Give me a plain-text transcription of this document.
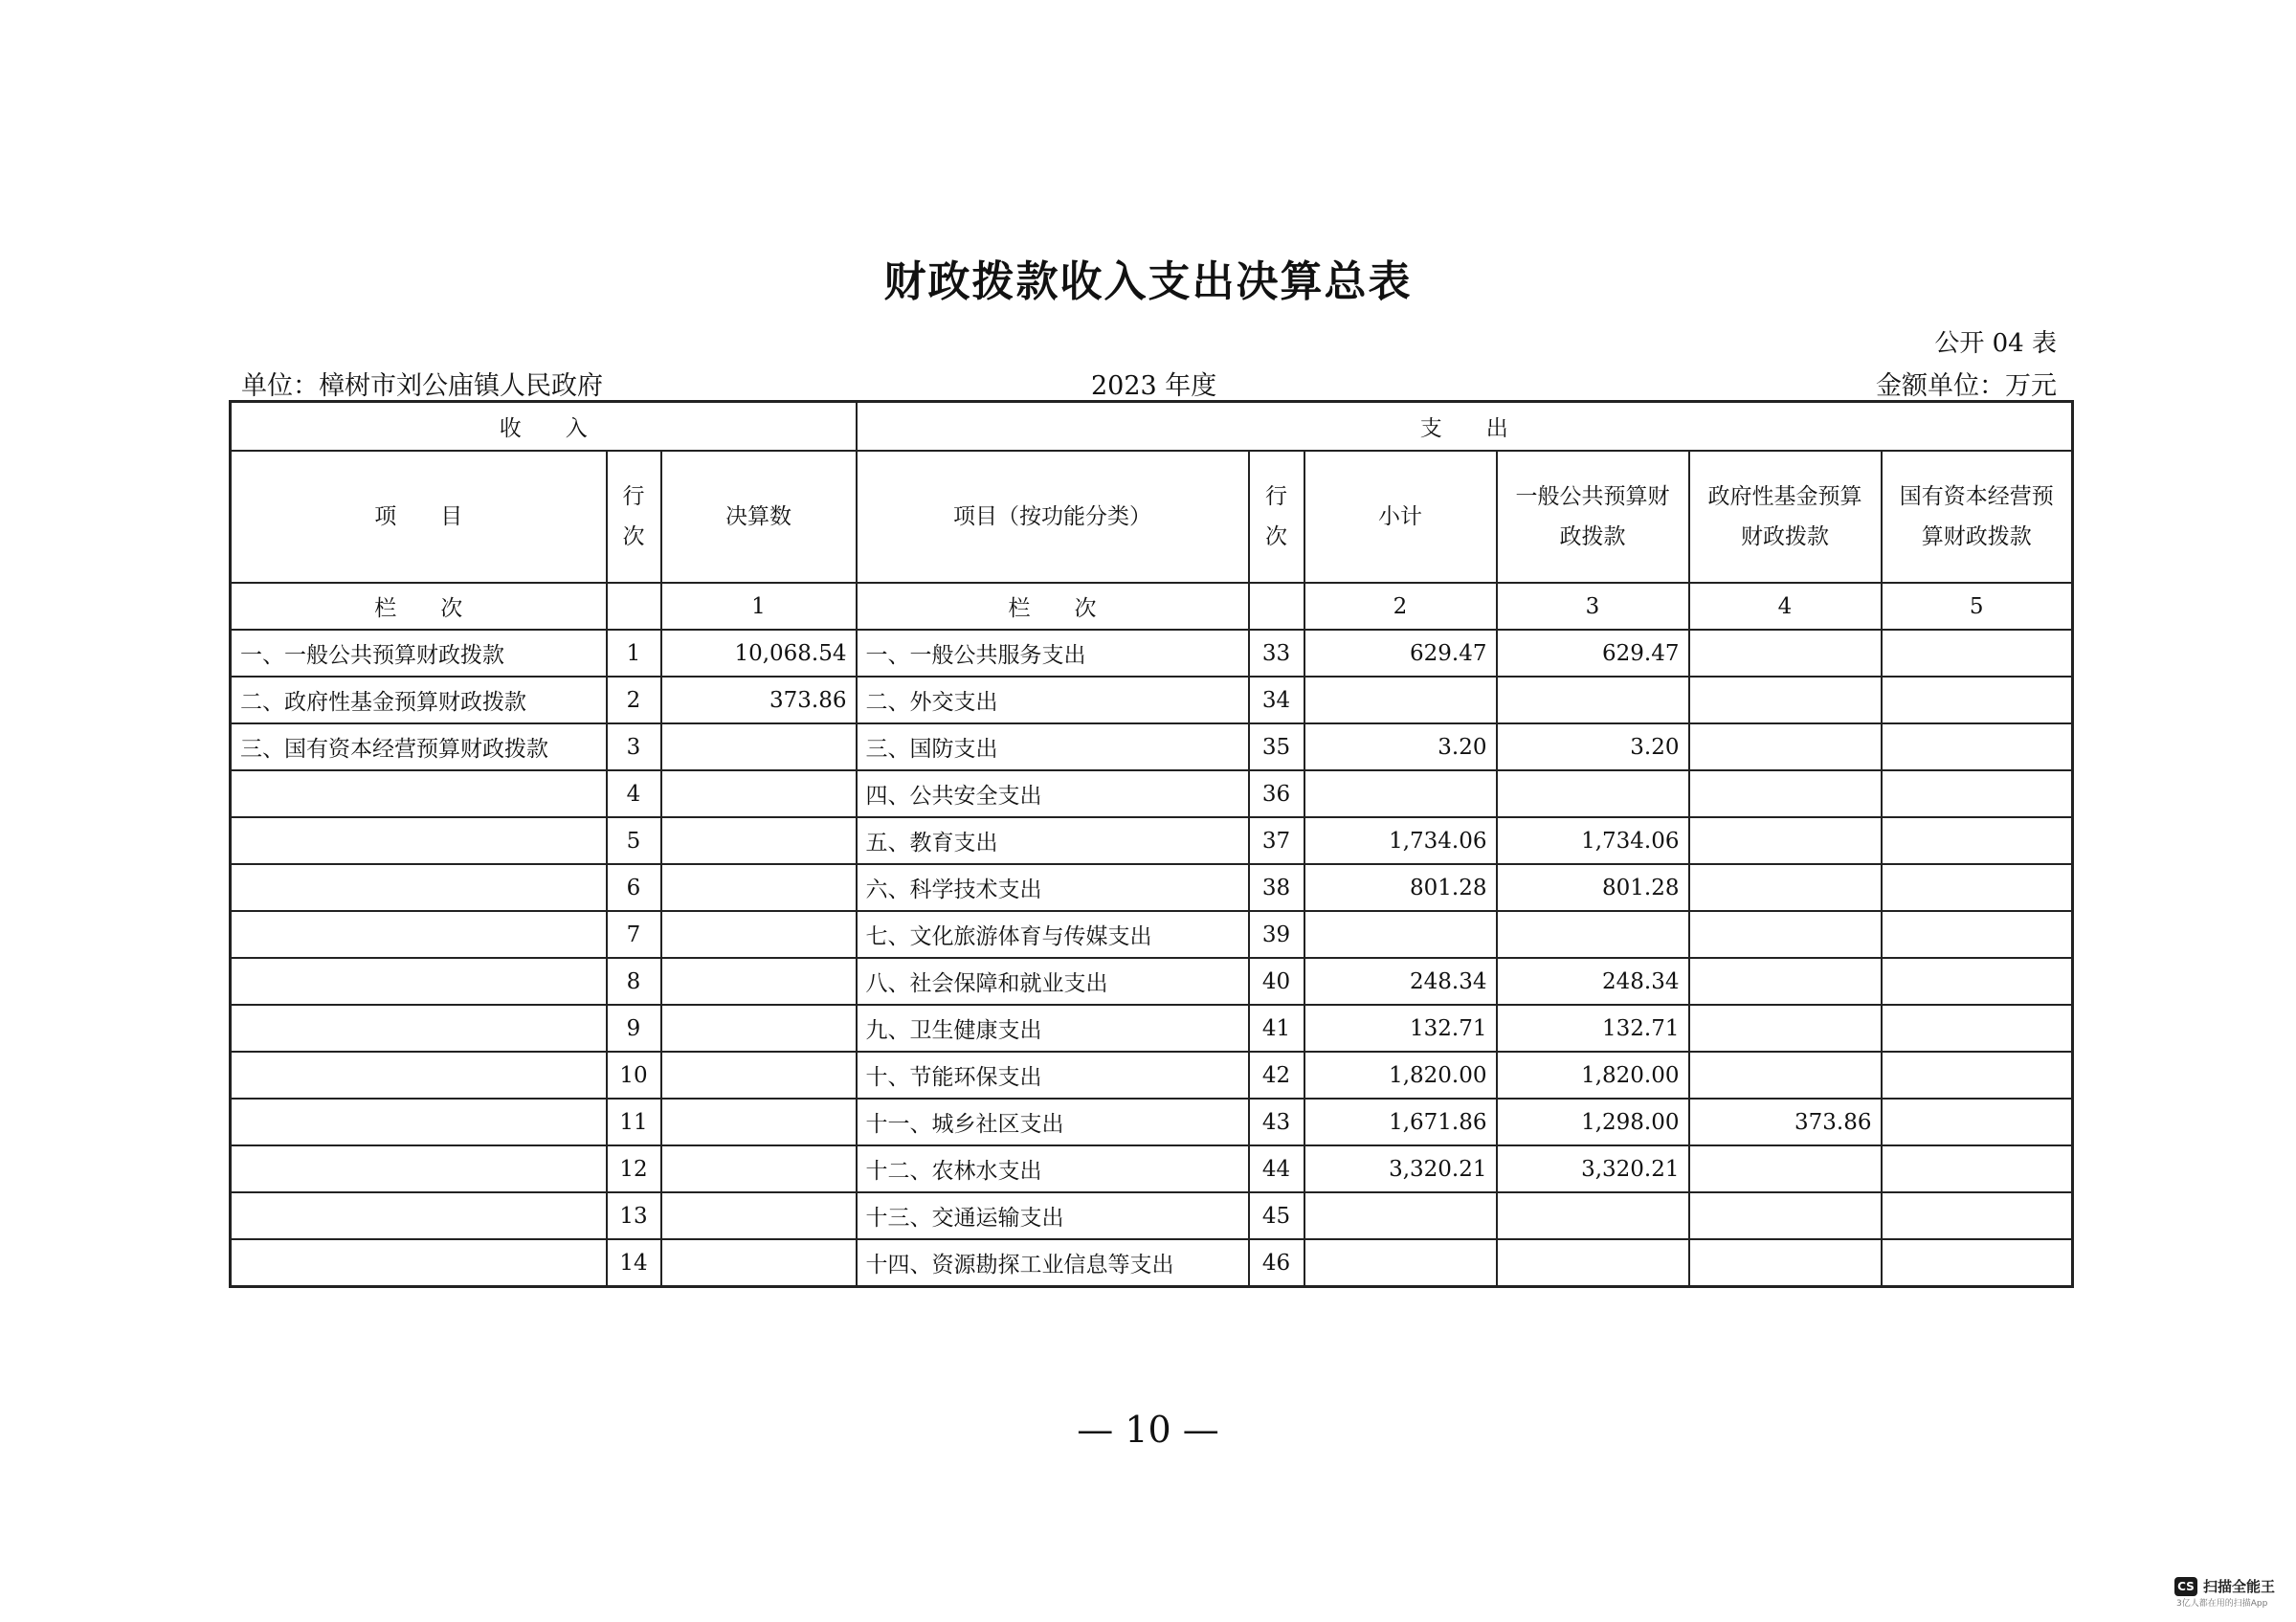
财政拨款收入支出决算总表
公开 04 表
单位：樟树市刘公庙镇人民政府	2023 年度	金额单位：万元
收　　入			支　　出					
项　　目	行次	决算数	项目（按功能分类）	行次	小计	一般公共预算财政拨款	政府性基金预算财政拨款	国有资本经营预算财政拨款
栏　　次		1	栏　　次		2	3	4	5
一、一般公共预算财政拨款	1	10,068.54	一、一般公共服务支出	33	629.47	629.47		
二、政府性基金预算财政拨款	2	373.86	二、外交支出	34				
三、国有资本经营预算财政拨款	3		三、国防支出	35	3.20	3.20		
	4		四、公共安全支出	36				
	5		五、教育支出	37	1,734.06	1,734.06		
	6		六、科学技术支出	38	801.28	801.28		
	7		七、文化旅游体育与传媒支出	39				
	8		八、社会保障和就业支出	40	248.34	248.34		
	9		九、卫生健康支出	41	132.71	132.71		
	10		十、节能环保支出	42	1,820.00	1,820.00		
	11		十一、城乡社区支出	43	1,671.86	1,298.00	373.86	
	12		十二、农林水支出	44	3,320.21	3,320.21		
	13		十三、交通运输支出	45				
	14		十四、资源勘探工业信息等支出	46				
— 10 —
CS 扫描全能王
3亿人都在用的扫描App
